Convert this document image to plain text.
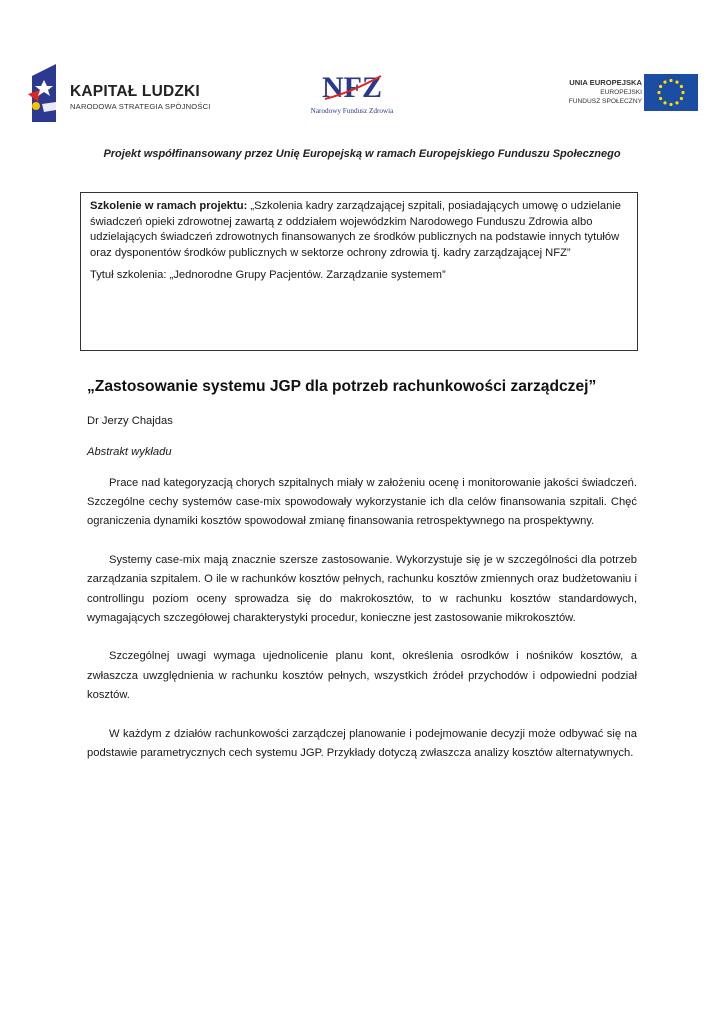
KAPITAŁ LUDZKI
NARODOWA STRATEGIA SPÓJNOŚCI
NFZ
Narodowy Fundusz Zdrowia
UNIA EUROPEJSKA
EUROPEJSKI
FUNDUSZ SPOŁECZNY
Projekt współfinansowany przez Unię Europejską w ramach Europejskiego Funduszu Społecznego

Szkolenie w ramach projektu: „Szkolenia kadry zarządzającej szpitali, posiadających umowę o udzielanie świadczeń opieki zdrowotnej zawartą z oddziałem wojewódzkim Narodowego Funduszu Zdrowia albo udzielających świadczeń zdrowotnych finansowanych ze środków publicznych na podstawie innych tytułów oraz dysponentów środków publicznych w sektorze ochrony zdrowia tj. kadry zarządzającej NFZ”

Tytuł szkolenia: „Jednorodne Grupy Pacjentów. Zarządzanie systemem”

„Zastosowanie systemu JGP dla potrzeb rachunkowości zarządczej”
Dr Jerzy Chajdas
Abstrakt wykładu

Prace nad kategoryzacją chorych szpitalnych miały w założeniu ocenę i monitorowanie jakości świadczeń. Szczególne cechy systemów case-mix spowodowały wykorzystanie ich dla celów finansowania szpitali. Chęć ograniczenia dynamiki kosztów spowodował zmianę finansowania retrospektywnego na prospektywny.

Systemy case-mix mają znacznie szersze zastosowanie. Wykorzystuje się je w szczególności dla potrzeb zarządzania szpitalem. O ile w rachunków kosztów pełnych, rachunku kosztów zmiennych oraz budżetowaniu i controllingu poziom oceny sprowadza się do makrokosztów, to w rachunku kosztów standardowych, wymagających szczegółowej charakterystyki procedur, konieczne jest zastosowanie mikrokosztów.

Szczególnej uwagi wymaga ujednolicenie planu kont, określenia osrodków i nośników kosztów, a zwłaszcza uwzględnienia w rachunku kosztów pełnych, wszystkich źródeł przychodów i odpowiedni podział kosztów.

W każdym z działów rachunkowości zarządczej planowanie i podejmowanie decyzji może odbywać się na podstawie parametrycznych cech systemu JGP. Przykłady dotyczą zwłaszcza analizy kosztów alternatywnych.
